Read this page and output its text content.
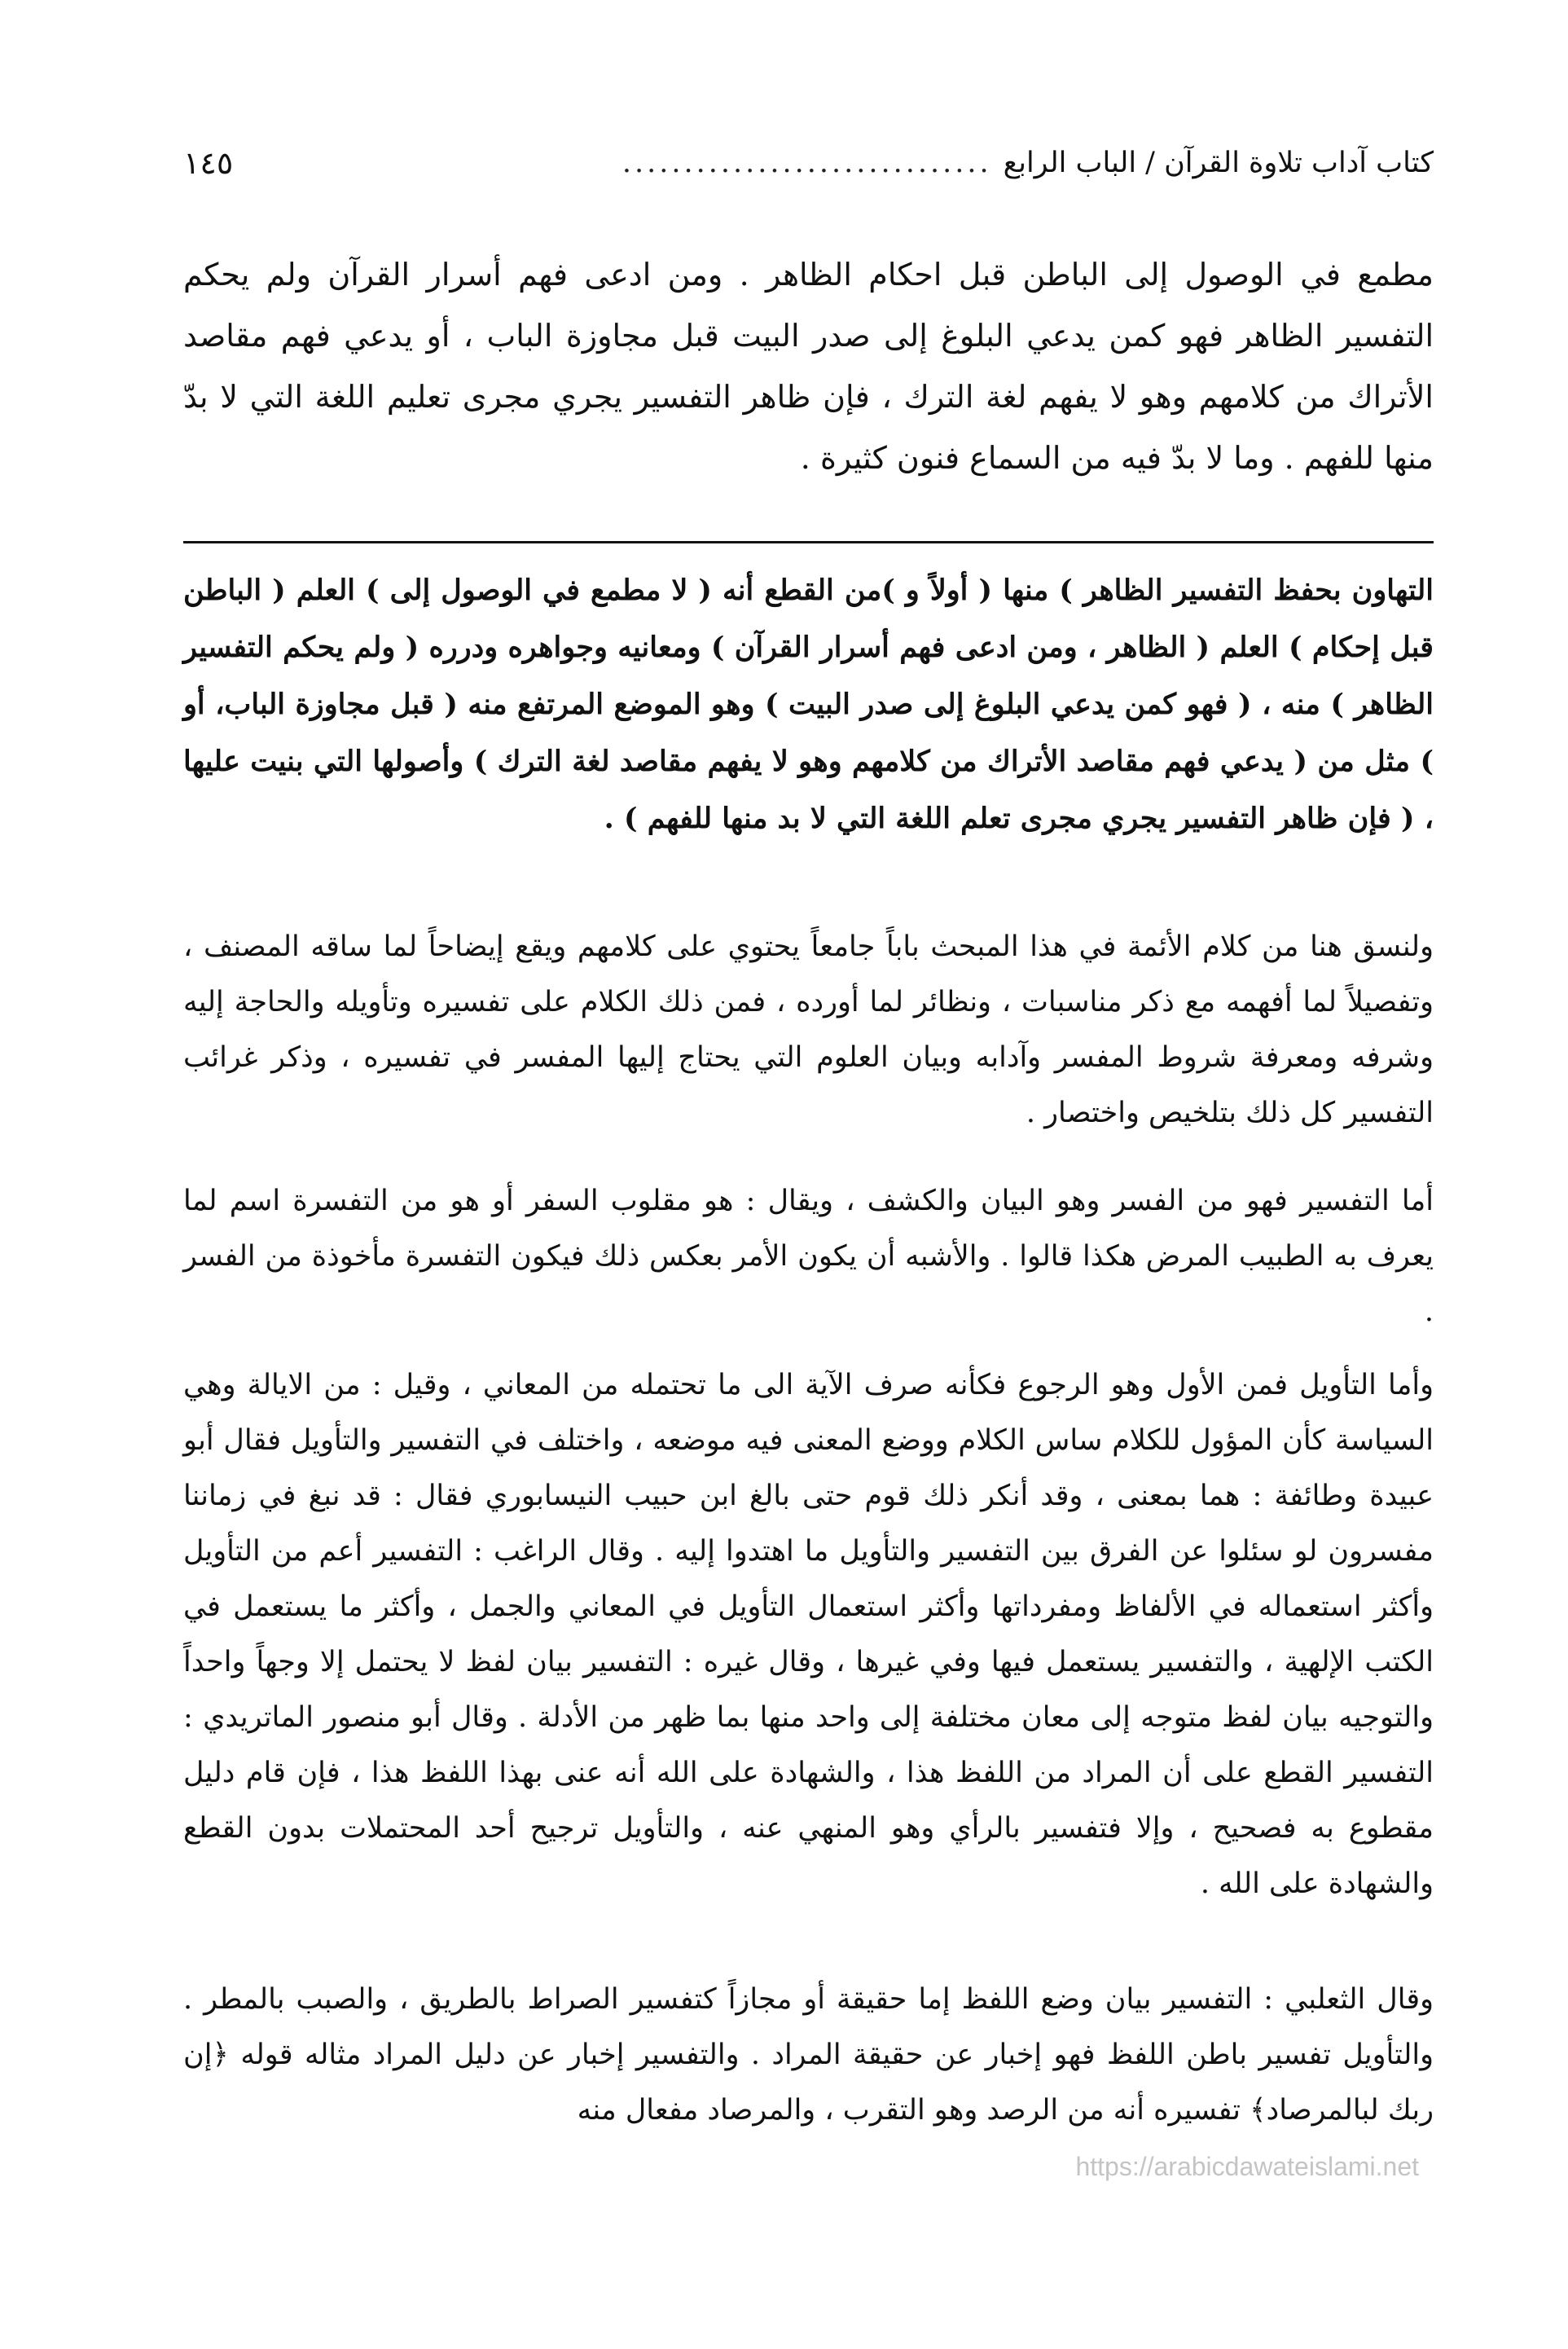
كتاب آداب تلاوة القرآن / الباب الرابع
..............................
١٤٥

مطمع في الوصول إلى الباطن قبل احكام الظاهر . ومن ادعى فهم أسرار القرآن ولم يحكم التفسير الظاهر فهو كمن يدعي البلوغ إلى صدر البيت قبل مجاوزة الباب ، أو يدعي فهم مقاصد الأتراك من كلامهم وهو لا يفهم لغة الترك ، فإن ظاهر التفسير يجري مجرى تعليم اللغة التي لا بدّ منها للفهم . وما لا بدّ فيه من السماع فنون كثيرة .

التهاون بحفظ التفسير الظاهر ) منها ( أولاً و )من القطع أنه ( لا مطمع في الوصول إلى ) العلم ( الباطن قبل إحكام ) العلم ( الظاهر ، ومن ادعى فهم أسرار القرآن ) ومعانيه وجواهره ودرره ( ولم يحكم التفسير الظاهر ) منه ، ( فهو كمن يدعي البلوغ إلى صدر البيت ) وهو الموضع المرتفع منه ( قبل مجاوزة الباب، أو ) مثل من ( يدعي فهم مقاصد الأتراك من كلامهم وهو لا يفهم مقاصد لغة الترك ) وأصولها التي بنيت عليها ، ( فإن ظاهر التفسير يجري مجرى تعلم اللغة التي لا بد منها للفهم ) .

ولنسق هنا من كلام الأئمة في هذا المبحث باباً جامعاً يحتوي على كلامهم ويقع إيضاحاً لما ساقه المصنف ، وتفصيلاً لما أفهمه مع ذكر مناسبات ، ونظائر لما أورده ، فمن ذلك الكلام على تفسيره وتأويله والحاجة إليه وشرفه ومعرفة شروط المفسر وآدابه وبيان العلوم التي يحتاج إليها المفسر في تفسيره ، وذكر غرائب التفسير كل ذلك بتلخيص واختصار .

أما التفسير فهو من الفسر وهو البيان والكشف ، ويقال : هو مقلوب السفر أو هو من التفسرة اسم لما يعرف به الطبيب المرض هكذا قالوا . والأشبه أن يكون الأمر بعكس ذلك فيكون التفسرة مأخوذة من الفسر .

وأما التأويل فمن الأول وهو الرجوع فكأنه صرف الآية الى ما تحتمله من المعاني ، وقيل : من الايالة وهي السياسة كأن المؤول للكلام ساس الكلام ووضع المعنى فيه موضعه ، واختلف في التفسير والتأويل فقال أبو عبيدة وطائفة : هما بمعنى ، وقد أنكر ذلك قوم حتى بالغ ابن حبيب النيسابوري فقال : قد نبغ في زماننا مفسرون لو سئلوا عن الفرق بين التفسير والتأويل ما اهتدوا إليه . وقال الراغب : التفسير أعم من التأويل وأكثر استعماله في الألفاظ ومفرداتها وأكثر استعمال التأويل في المعاني والجمل ، وأكثر ما يستعمل في الكتب الإلهية ، والتفسير يستعمل فيها وفي غيرها ، وقال غيره : التفسير بيان لفظ لا يحتمل إلا وجهاً واحداً والتوجيه بيان لفظ متوجه إلى معان مختلفة إلى واحد منها بما ظهر من الأدلة . وقال أبو منصور الماتريدي : التفسير القطع على أن المراد من اللفظ هذا ، والشهادة على الله أنه عنى بهذا اللفظ هذا ، فإن قام دليل مقطوع به فصحيح ، وإلا فتفسير بالرأي وهو المنهي عنه ، والتأويل ترجيح أحد المحتملات بدون القطع والشهادة على الله .

وقال الثعلبي : التفسير بيان وضع اللفظ إما حقيقة أو مجازاً كتفسير الصراط بالطريق ، والصبب بالمطر . والتأويل تفسير باطن اللفظ فهو إخبار عن حقيقة المراد . والتفسير إخبار عن دليل المراد مثاله قوله ﴿إن ربك لبالمرصاد﴾ تفسيره أنه من الرصد وهو التقرب ، والمرصاد مفعال منه

https://arabicdawateislami.net
